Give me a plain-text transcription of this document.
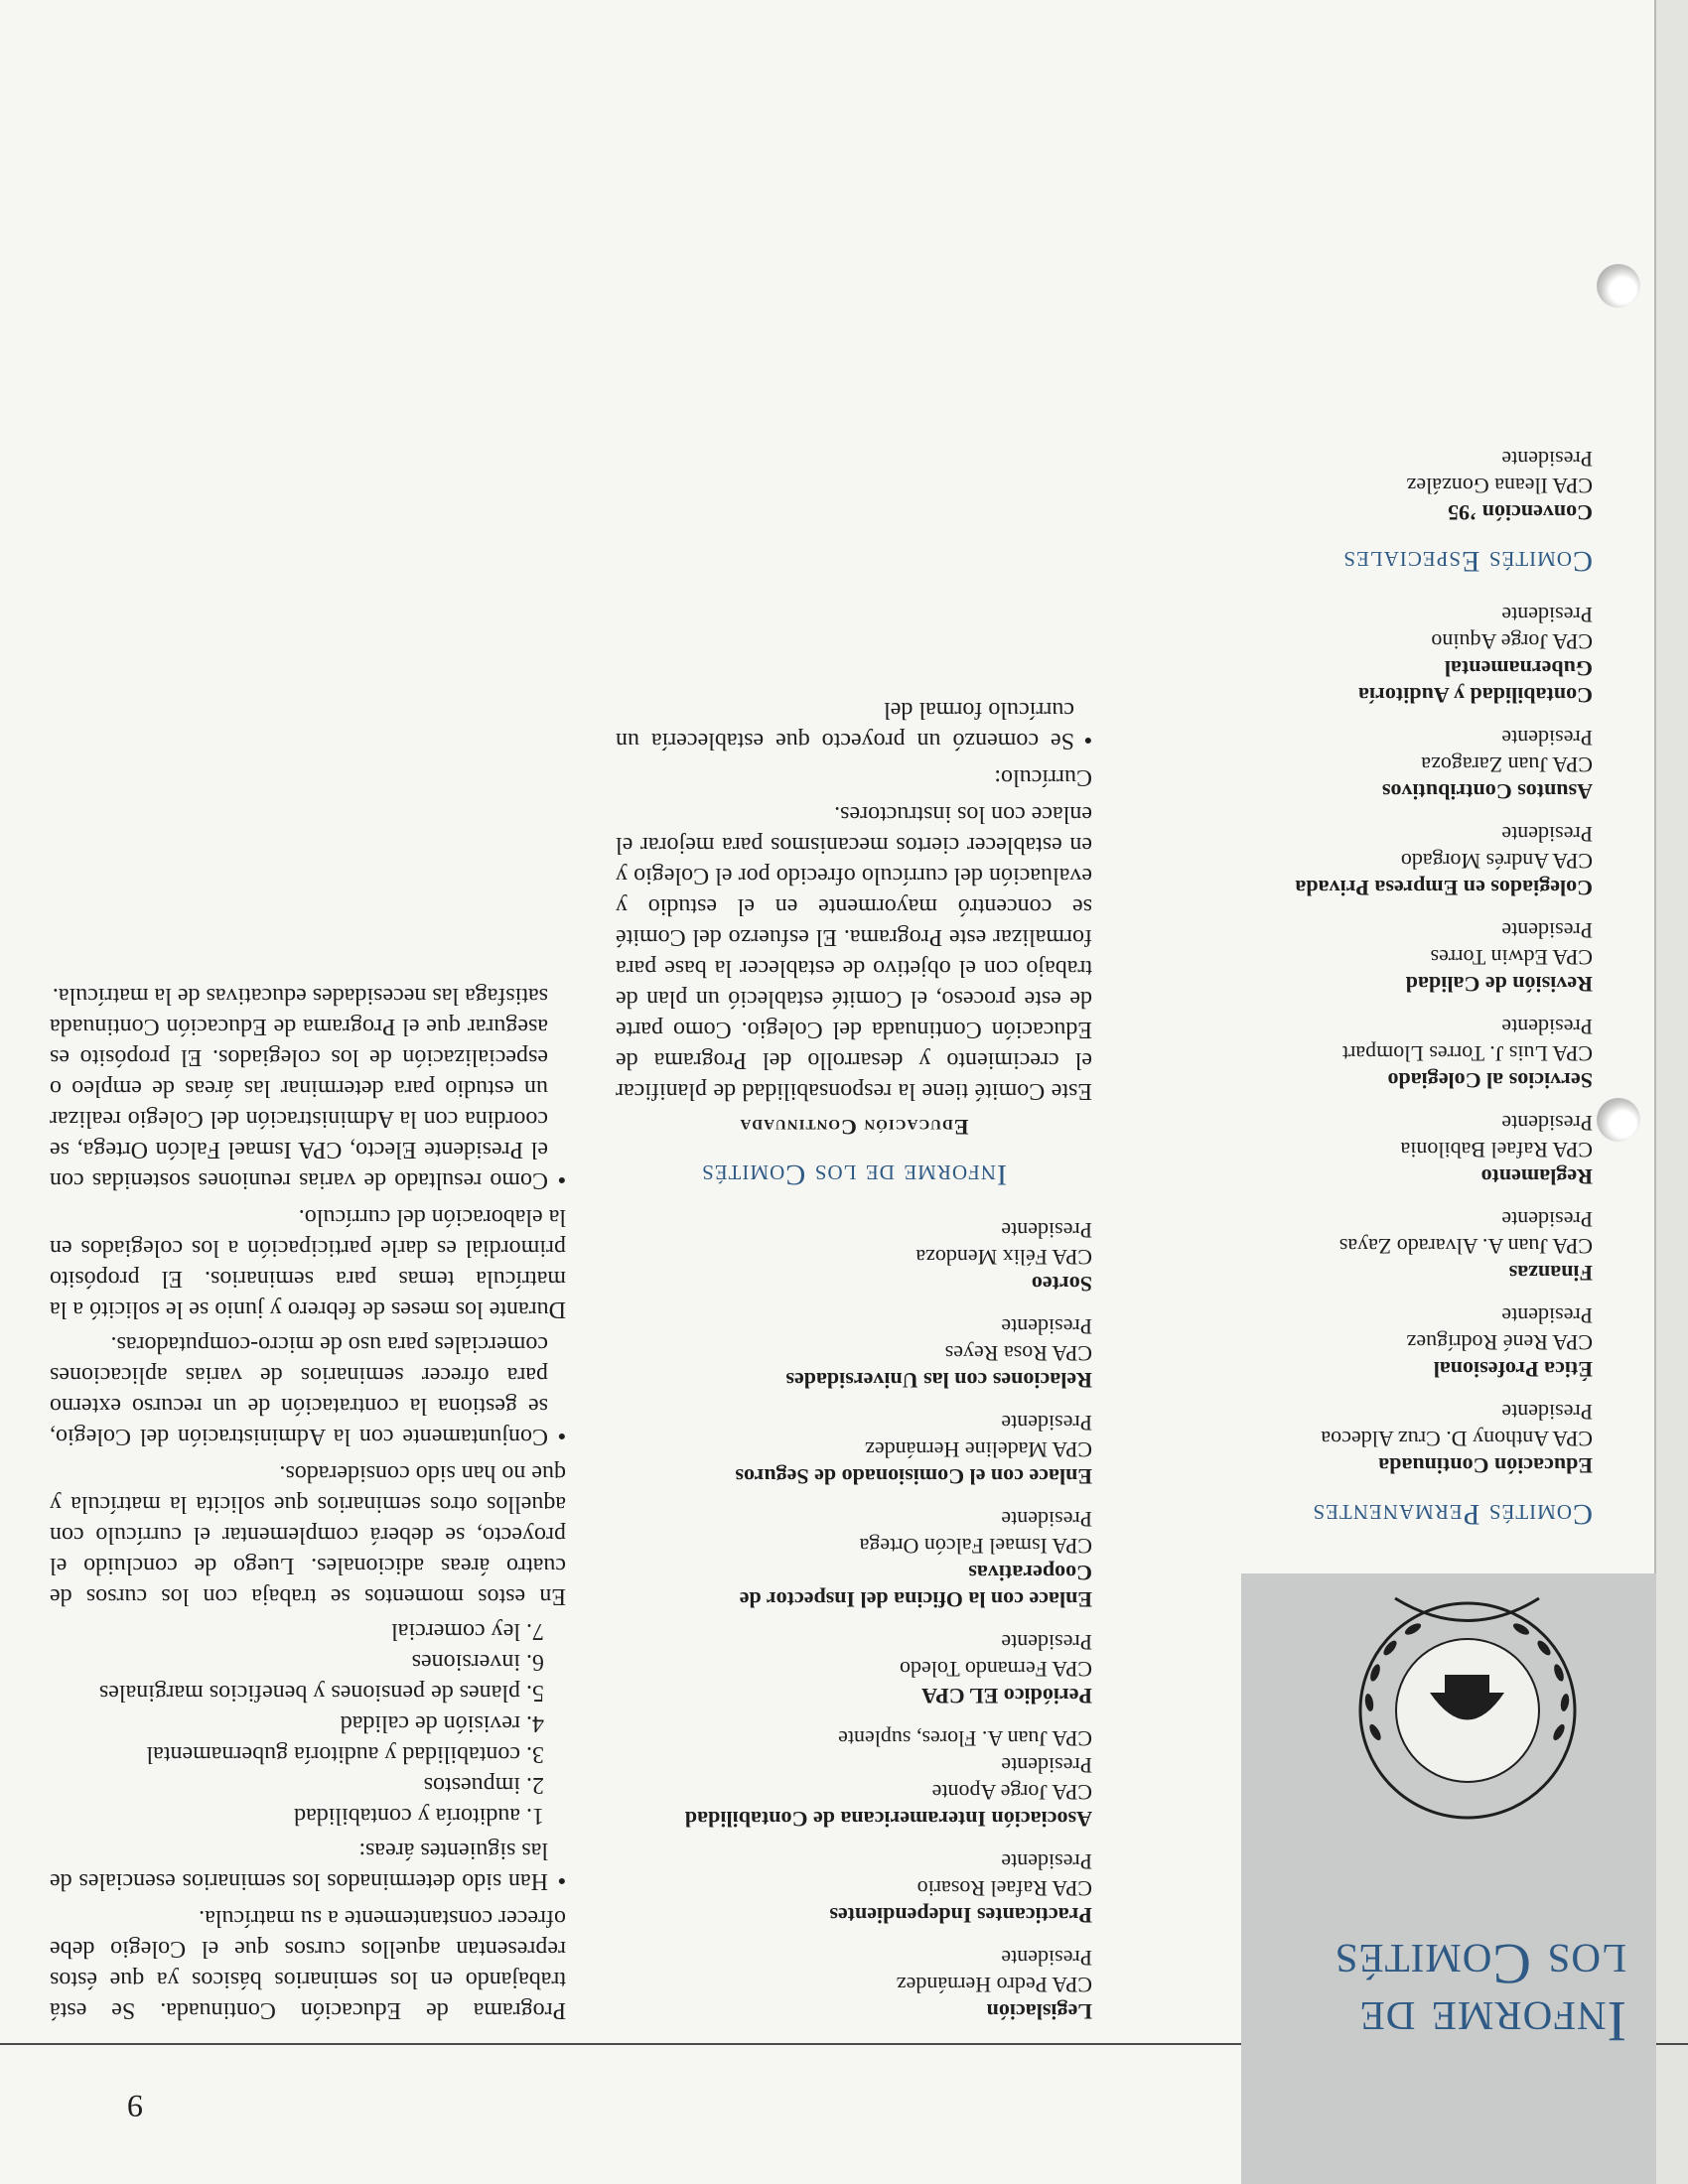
9
Informe de los Comités
Comités Permanentes
Educación Continuada
CPA Anthony D. Cruz Aldecoa
Presidente
Ética Profesional
CPA René Rodríguez
Presidente
Finanzas
CPA Juan A. Alvarado Zayas
Presidente
Reglamento
CPA Rafael Babilonia
Presidente
Servicios al Colegiado
CPA Luis J. Torres Llompart
Presidente
Revisión de Calidad
CPA Edwin Torres
Presidente
Colegiados en Empresa Privada
CPA Andrés Morgado
Presidente
Asuntos Contributivos
CPA Juan Zaragoza
Presidente
Contabilidad y Auditoría Gubernamental
CPA Jorge Aquino
Presidente
Comités Especiales
Convención ’95
CPA Ileana González
Presidente
Legislación
CPA Pedro Hernández
Presidente
Practicantes Independientes
CPA Rafael Rosario
Presidente
Asociación Interamericana de Contabilidad
CPA Jorge Aponte
Presidente
CPA Juan A. Flores, suplente
Periódico EL CPA
CPA Fernando Toledo
Presidente
Enlace con la Oficina del Inspector de Cooperativas
CPA Ismael Falcón Ortega
Presidente
Enlace con el Comisionado de Seguros
CPA Madeline Hernández
Presidente
Relaciones con las Universidades
CPA Rosa Reyes
Presidente
Sorteo
CPA Félix Mendoza
Presidente
Informe de los Comités
Educación Continuada

Este Comité tiene la responsabilidad de planificar el crecimiento y desarrollo del Programa de Educación Continuada del Colegio. Como parte de este proceso, el Comité estableció un plan de trabajo con el objetivo de establecer la base para formalizar este Programa. El esfuerzo del Comité se concentró mayormente en el estudio y evaluación del currículo ofrecido por el Colegio y en establecer ciertos mecanismos para mejorar el enlace con los instructores.

Currículo:

● Se comenzó un proyecto que establecería un currículo formal del

Programa de Educación Continuada. Se está trabajando en los seminarios básicos ya que éstos representan aquellos cursos que el Colegio debe ofrecer constantemente a su matrícula.

● Han sido determinados los seminarios esenciales de las siguientes áreas:
1. auditoría y contabilidad
2. impuestos
3. contabilidad y auditoría gubernamental
4. revisión de calidad
5. planes de pensiones y beneficios marginales
6. inversiones
7. ley comercial

En estos momentos se trabaja con los cursos de cuatro áreas adicionales. Luego de concluido el proyecto, se deberá complementar el currículo con aquellos otros seminarios que solicita la matrícula y que no han sido considerados.

● Conjuntamente con la Administración del Colegio, se gestiona la contratación de un recurso externo para ofrecer seminarios de varias aplicaciones comerciales para uso de micro-computadoras.

Durante los meses de febrero y junio se le solicitó a la matrícula temas para seminarios. El propósito primordial es darle participación a los colegiados en la elaboración del currículo.

● Como resultado de varias reuniones sostenidas con el Presidente Electo, CPA Ismael Falcón Ortega, se coordina con la Administración del Colegio realizar un estudio para determinar las áreas de empleo o especialización de los colegiados. El propósito es asegurar que el Programa de Educación Continuada satisfaga las necesidades educativas de la matrícula.
